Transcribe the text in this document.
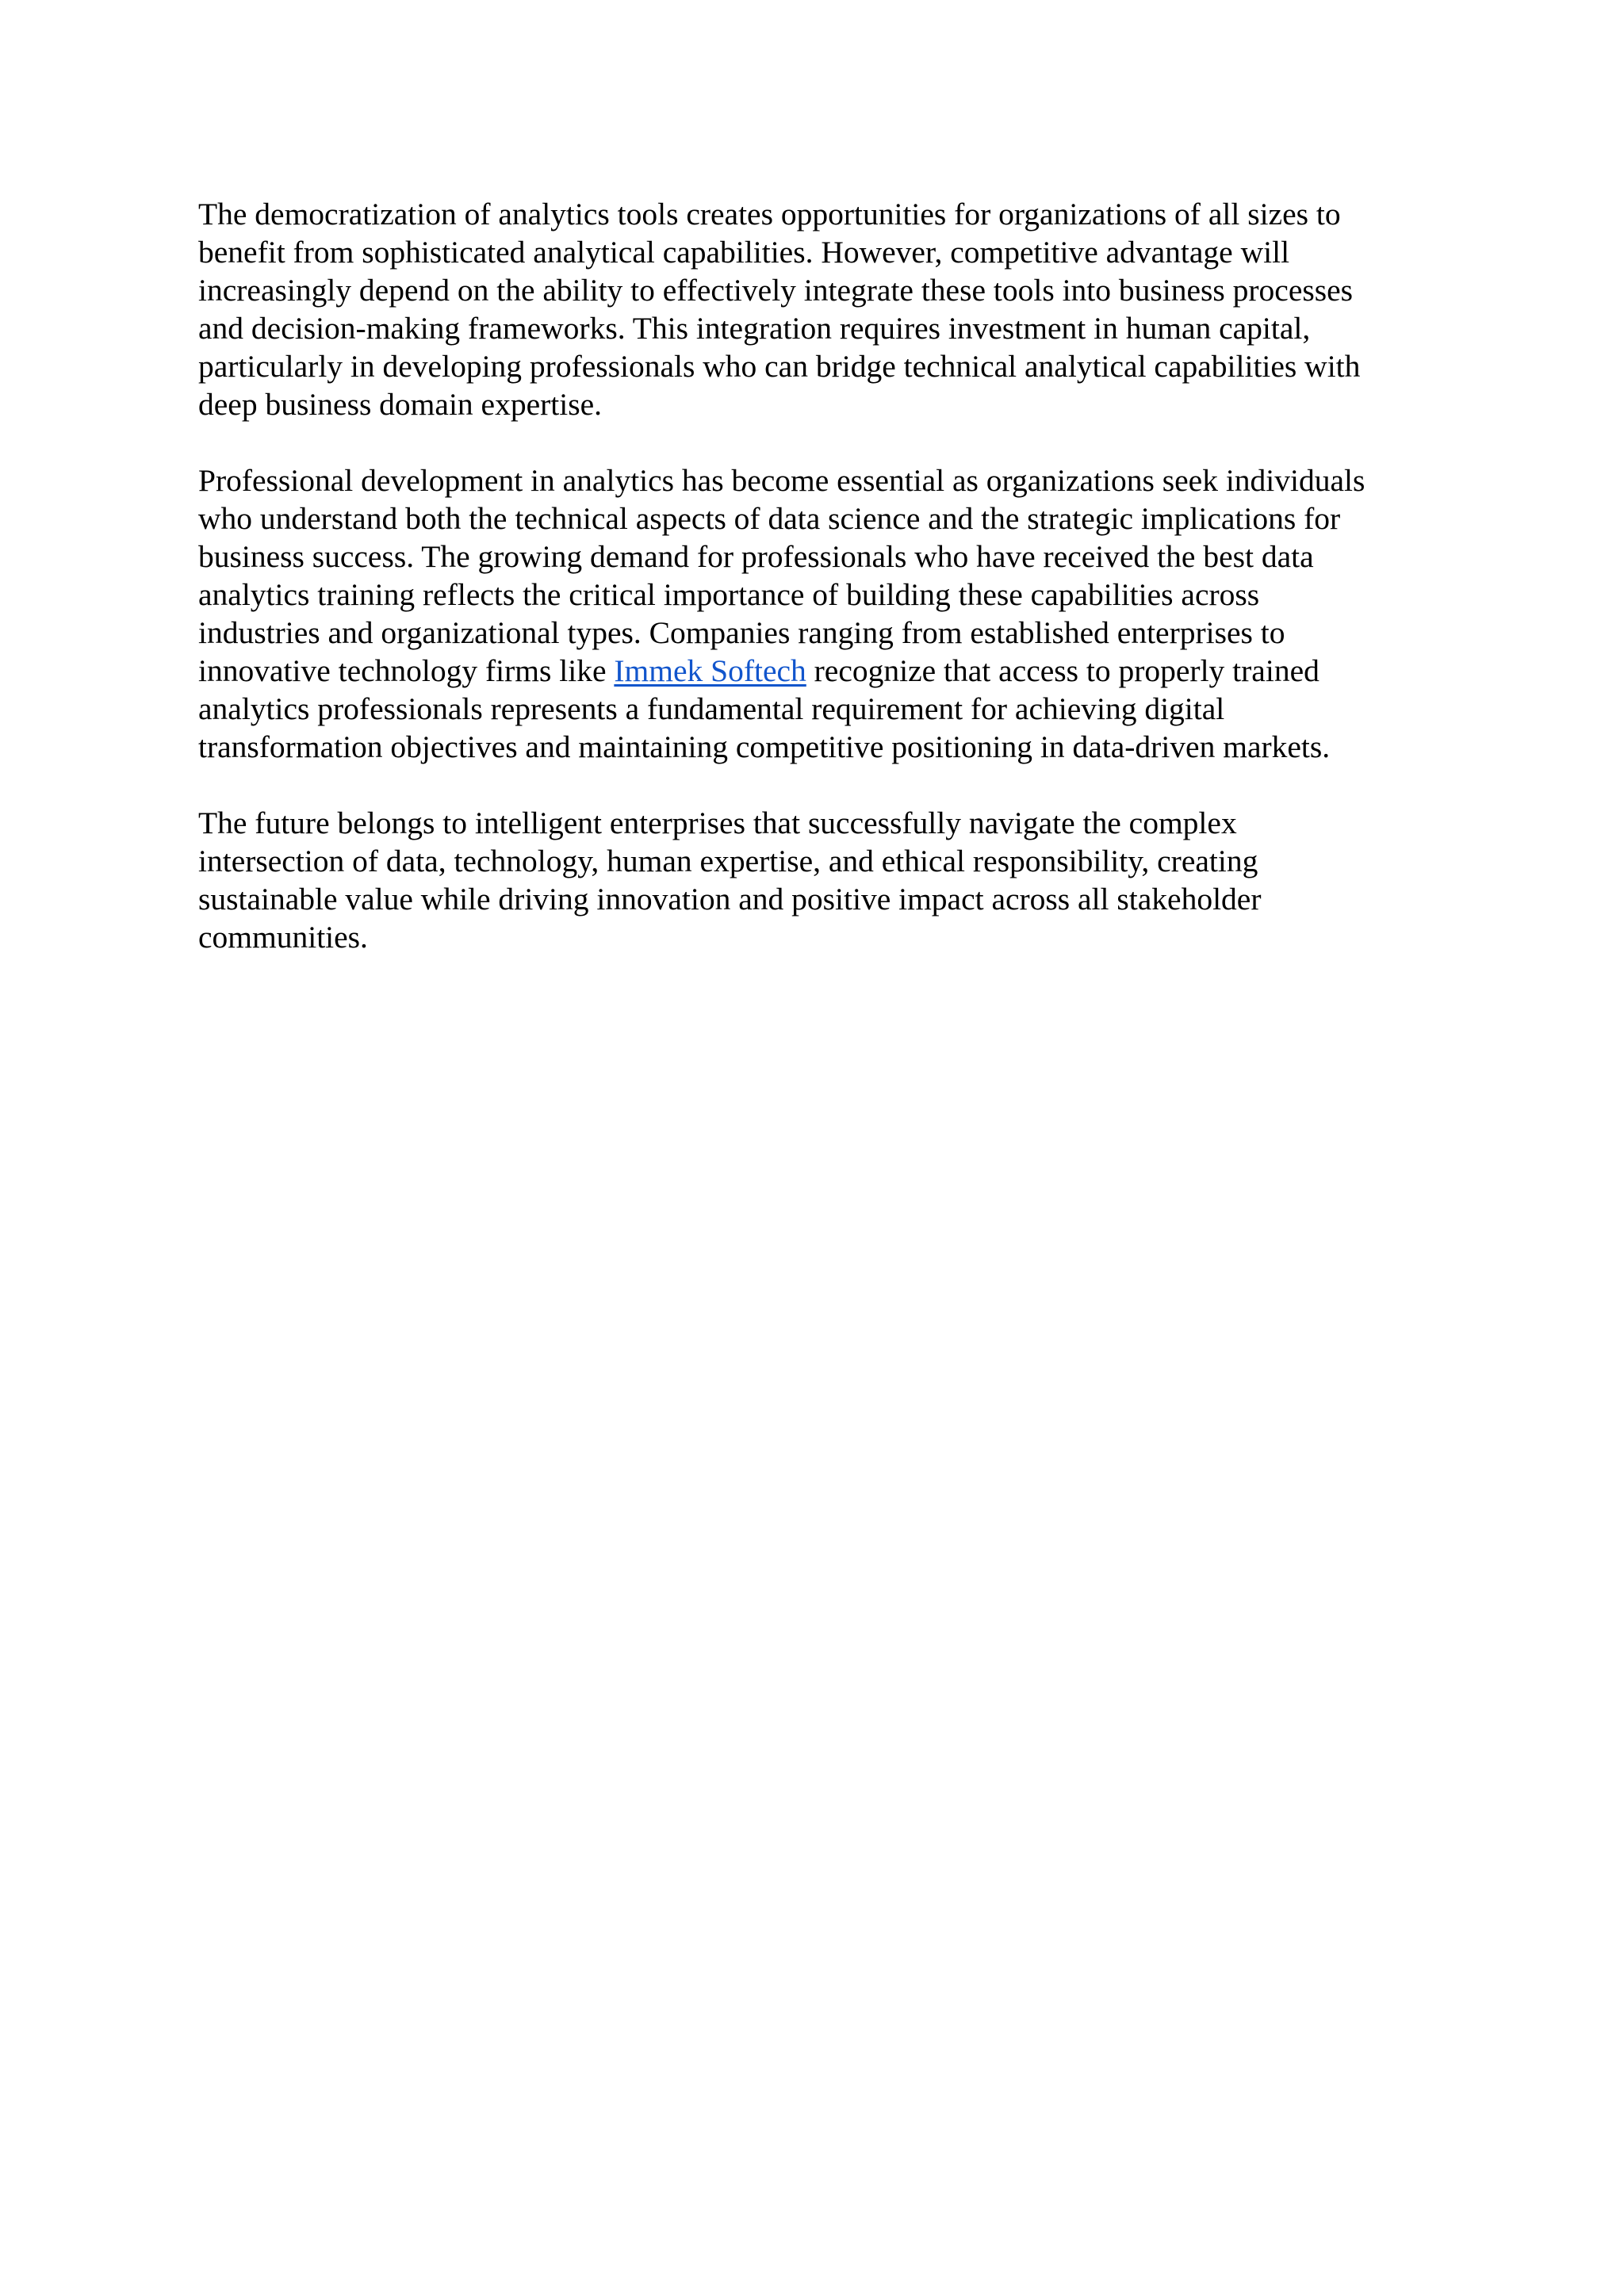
The democratization of analytics tools creates opportunities for organizations of all sizes to
benefit from sophisticated analytical capabilities. However, competitive advantage will
increasingly depend on the ability to effectively integrate these tools into business processes
and decision-making frameworks. This integration requires investment in human capital,
particularly in developing professionals who can bridge technical analytical capabilities with
deep business domain expertise.

Professional development in analytics has become essential as organizations seek individuals
who understand both the technical aspects of data science and the strategic implications for
business success. The growing demand for professionals who have received the best data
analytics training reflects the critical importance of building these capabilities across
industries and organizational types. Companies ranging from established enterprises to
innovative technology firms like Immek Softech recognize that access to properly trained
analytics professionals represents a fundamental requirement for achieving digital
transformation objectives and maintaining competitive positioning in data-driven markets.

The future belongs to intelligent enterprises that successfully navigate the complex
intersection of data, technology, human expertise, and ethical responsibility, creating
sustainable value while driving innovation and positive impact across all stakeholder
communities.
